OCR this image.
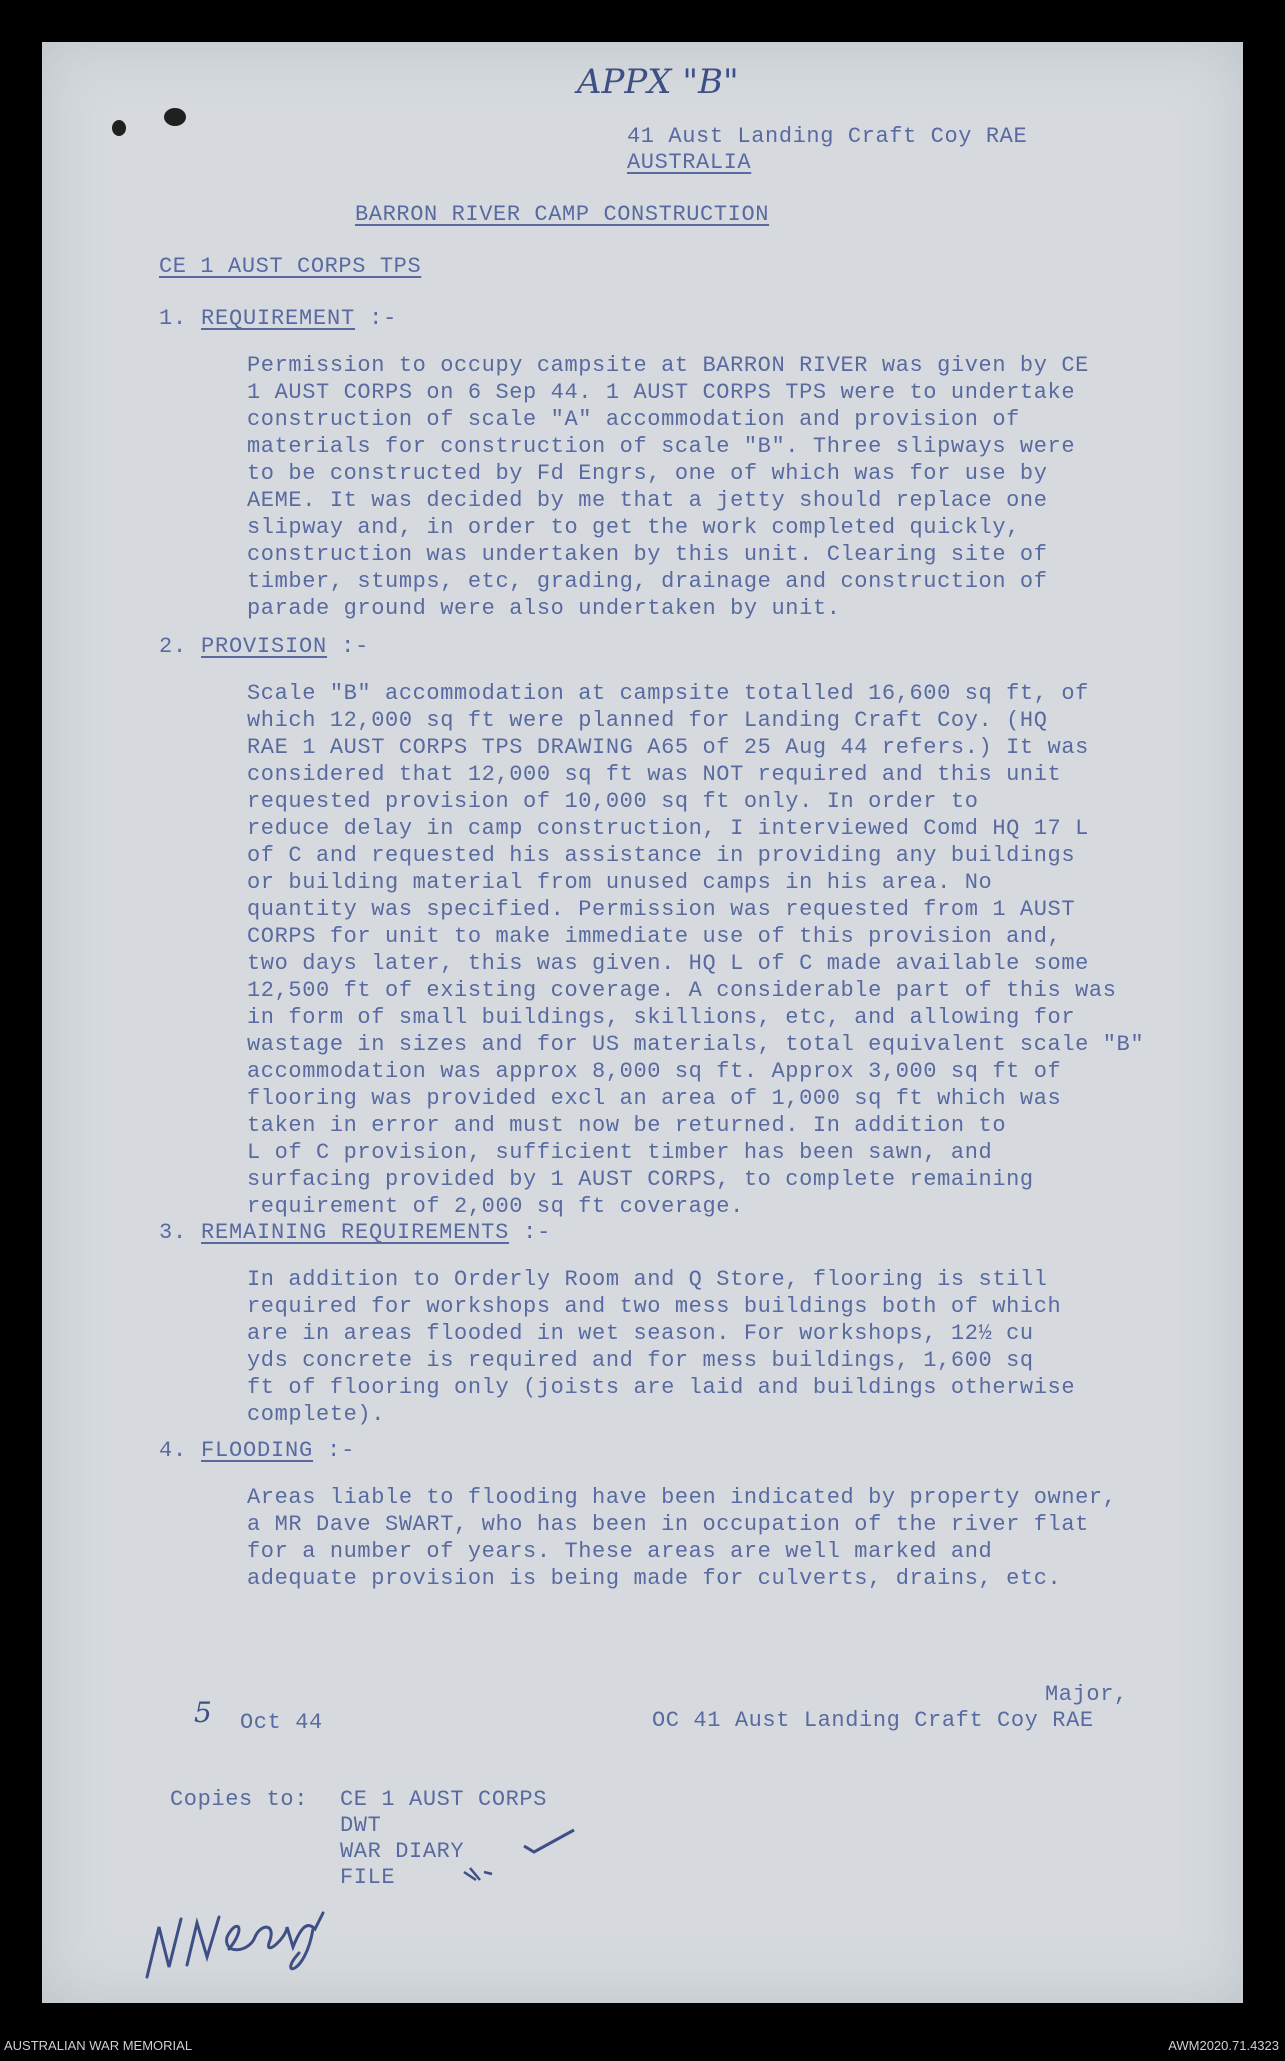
APPX "B"
41 Aust Landing Craft Coy RAE
AUSTRALIA
BARRON RIVER CAMP CONSTRUCTION
CE 1 AUST CORPS TPS
1. REQUIREMENT :-
Permission to occupy campsite at BARRON RIVER was given by CE
1 AUST CORPS on 6 Sep 44. 1 AUST CORPS TPS were to undertake
construction of scale "A" accommodation and provision of
materials for construction of scale "B". Three slipways were
to be constructed by Fd Engrs, one of which was for use by
AEME. It was decided by me that a jetty should replace one
slipway and, in order to get the work completed quickly,
construction was undertaken by this unit. Clearing site of
timber, stumps, etc, grading, drainage and construction of
parade ground were also undertaken by unit.
2. PROVISION :-
Scale "B" accommodation at campsite totalled 16,600 sq ft, of
which 12,000 sq ft were planned for Landing Craft Coy. (HQ
RAE 1 AUST CORPS TPS DRAWING A65 of 25 Aug 44 refers.) It was
considered that 12,000 sq ft was NOT required and this unit
requested provision of 10,000 sq ft only. In order to
reduce delay in camp construction, I interviewed Comd HQ 17 L
of C and requested his assistance in providing any buildings
or building material from unused camps in his area. No
quantity was specified. Permission was requested from 1 AUST
CORPS for unit to make immediate use of this provision and,
two days later, this was given. HQ L of C made available some
12,500 ft of existing coverage. A considerable part of this was
in form of small buildings, skillions, etc, and allowing for
wastage in sizes and for US materials, total equivalent scale "B"
accommodation was approx 8,000 sq ft. Approx 3,000 sq ft of
flooring was provided excl an area of 1,000 sq ft which was
taken in error and must now be returned. In addition to
L of C provision, sufficient timber has been sawn, and
surfacing provided by 1 AUST CORPS, to complete remaining
requirement of 2,000 sq ft coverage.
3. REMAINING REQUIREMENTS :-
In addition to Orderly Room and Q Store, flooring is still
required for workshops and two mess buildings both of which
are in areas flooded in wet season. For workshops, 12½ cu
yds concrete is required and for mess buildings, 1,600 sq
ft of flooring only (joists are laid and buildings otherwise
complete).
4. FLOODING :-
Areas liable to flooding have been indicated by property owner,
a MR Dave SWART, who has been in occupation of the river flat
for a number of years. These areas are well marked and
adequate provision is being made for culverts, drains, etc.
Major,
OC 41 Aust Landing Craft Coy RAE
5 Oct 44
Copies to: CE 1 AUST CORPS
DWT
WAR DIARY
FILE
AUSTRALIAN WAR MEMORIAL	AWM2020.71.4323
